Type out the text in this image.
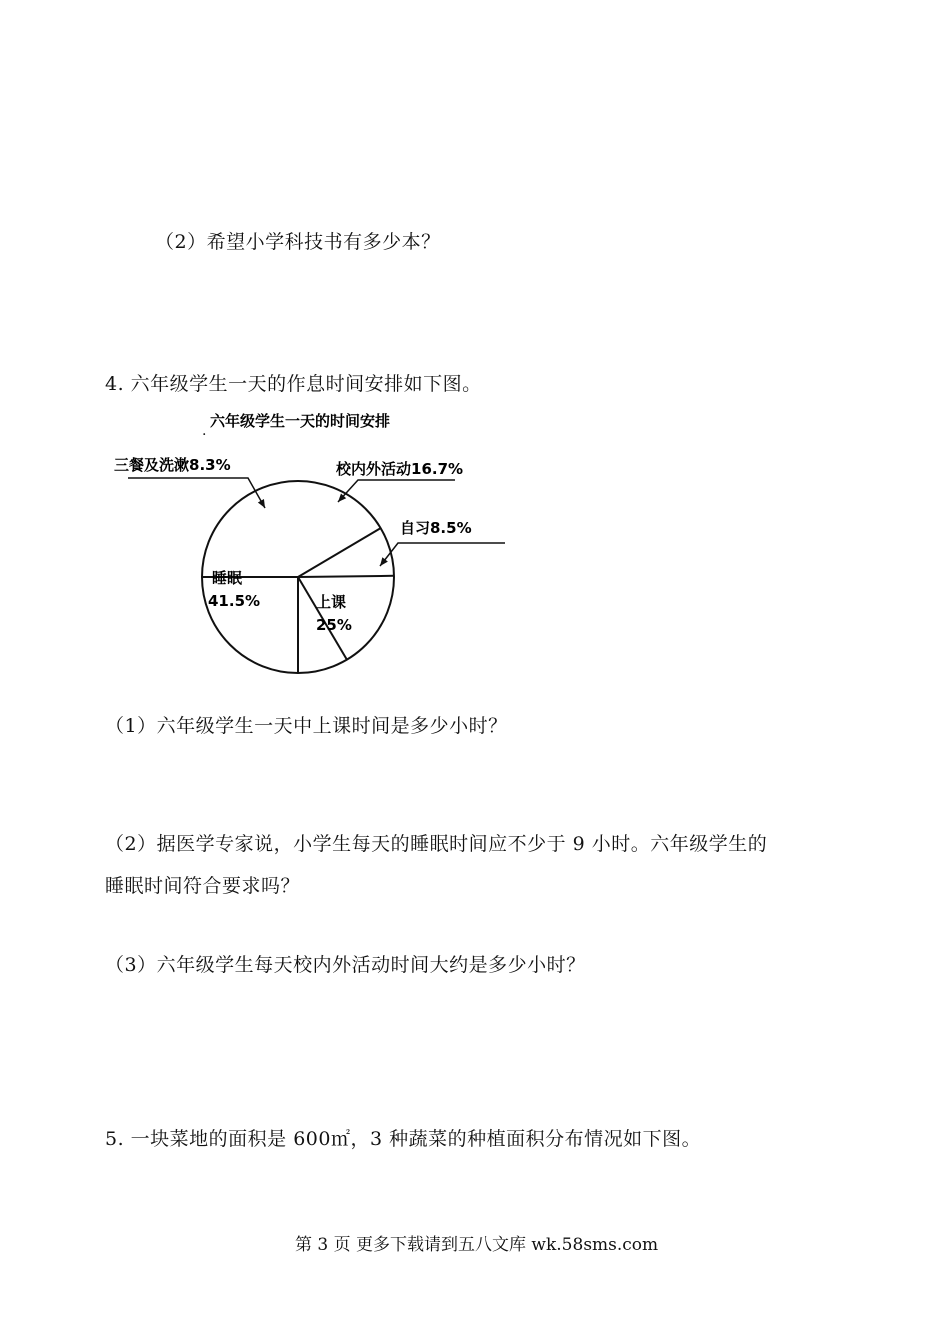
（2）希望小学科技书有多少本？
4. 六年级学生一天的作息时间安排如下图。
六年级学生一天的时间安排
.
三餐及洗漱8.3%	校内外活动16.7%
自习8.5%
睡眠
41.5%	上课
25%
（1）六年级学生一天中上课时间是多少小时？
（2）据医学专家说，小学生每天的睡眠时间应不少于 9 小时。六年级学生的
睡眠时间符合要求吗？
（3）六年级学生每天校内外活动时间大约是多少小时？
5. 一块菜地的面积是 600㎡，3 种蔬菜的种植面积分布情况如下图。
第 3 页 更多下载请到五八文库 wk.58sms.com
